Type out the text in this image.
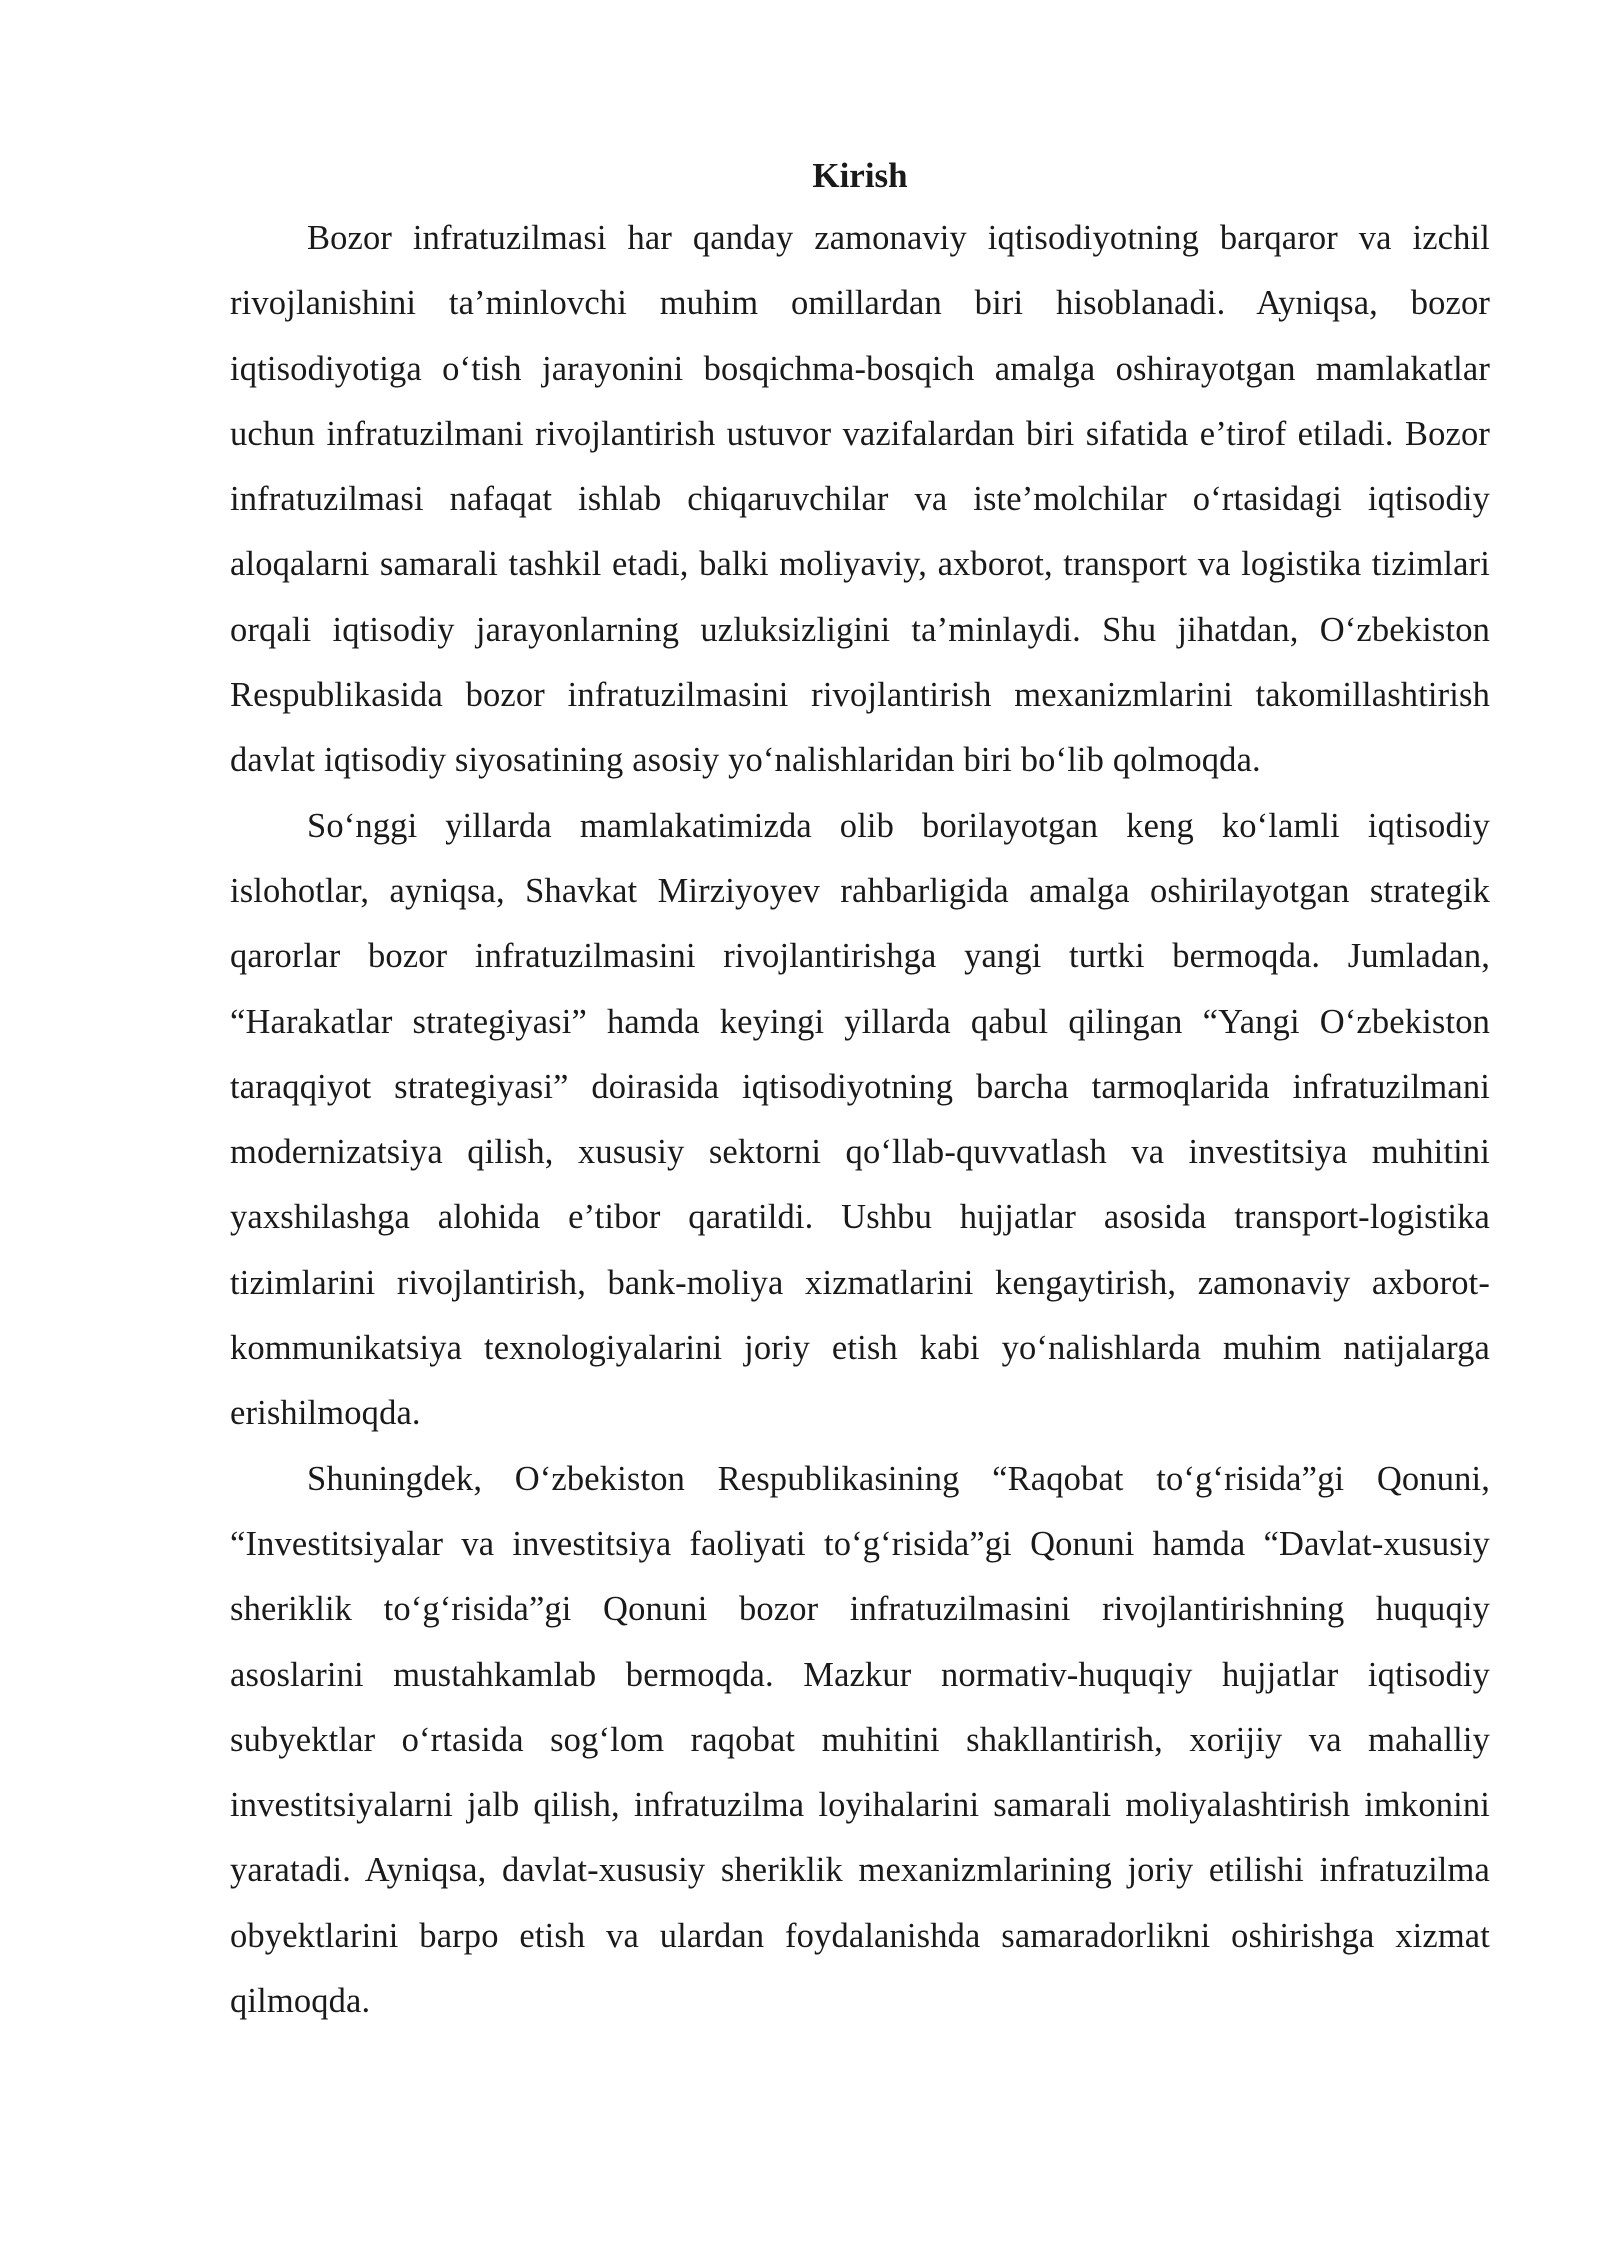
Kirish

Bozor infratuzilmasi har qanday zamonaviy iqtisodiyotning barqaror va izchil rivojlanishini ta’minlovchi muhim omillardan biri hisoblanadi. Ayniqsa, bozor iqtisodiyotiga o‘tish jarayonini bosqichma-bosqich amalga oshirayotgan mamlakatlar uchun infratuzilmani rivojlantirish ustuvor vazifalardan biri sifatida e’tirof etiladi. Bozor infratuzilmasi nafaqat ishlab chiqaruvchilar va iste’molchilar o‘rtasidagi iqtisodiy aloqalarni samarali tashkil etadi, balki moliyaviy, axborot, transport va logistika tizimlari orqali iqtisodiy jarayonlarning uzluksizligini ta’minlaydi. Shu jihatdan, O‘zbekiston Respublikasida bozor infratuzilmasini rivojlantirish mexanizmlarini takomillashtirish davlat iqtisodiy siyosatining asosiy yo‘nalishlaridan biri bo‘lib qolmoqda.

So‘nggi yillarda mamlakatimizda olib borilayotgan keng ko‘lamli iqtisodiy islohotlar, ayniqsa, Shavkat Mirziyoyev rahbarligida amalga oshirilayotgan strategik qarorlar bozor infratuzilmasini rivojlantirishga yangi turtki bermoqda. Jumladan, “Harakatlar strategiyasi” hamda keyingi yillarda qabul qilingan “Yangi O‘zbekiston taraqqiyot strategiyasi” doirasida iqtisodiyotning barcha tarmoqlarida infratuzilmani modernizatsiya qilish, xususiy sektorni qo‘llab-quvvatlash va investitsiya muhitini yaxshilashga alohida e’tibor qaratildi. Ushbu hujjatlar asosida transport-logistika tizimlarini rivojlantirish, bank-moliya xizmatlarini kengaytirish, zamonaviy axborot-kommunikatsiya texnologiyalarini joriy etish kabi yo‘nalishlarda muhim natijalarga erishilmoqda.

Shuningdek, O‘zbekiston Respublikasining “Raqobat to‘g‘risida”gi Qonuni, “Investitsiyalar va investitsiya faoliyati to‘g‘risida”gi Qonuni hamda “Davlat-xususiy sheriklik to‘g‘risida”gi Qonuni bozor infratuzilmasini rivojlantirishning huquqiy asoslarini mustahkamlab bermoqda. Mazkur normativ-huquqiy hujjatlar iqtisodiy subyektlar o‘rtasida sog‘lom raqobat muhitini shakllantirish, xorijiy va mahalliy investitsiyalarni jalb qilish, infratuzilma loyihalarini samarali moliyalashtirish imkonini yaratadi. Ayniqsa, davlat-xususiy sheriklik mexanizmlarining joriy etilishi infratuzilma obyektlarini barpo etish va ulardan foydalanishda samaradorlikni oshirishga xizmat qilmoqda.
